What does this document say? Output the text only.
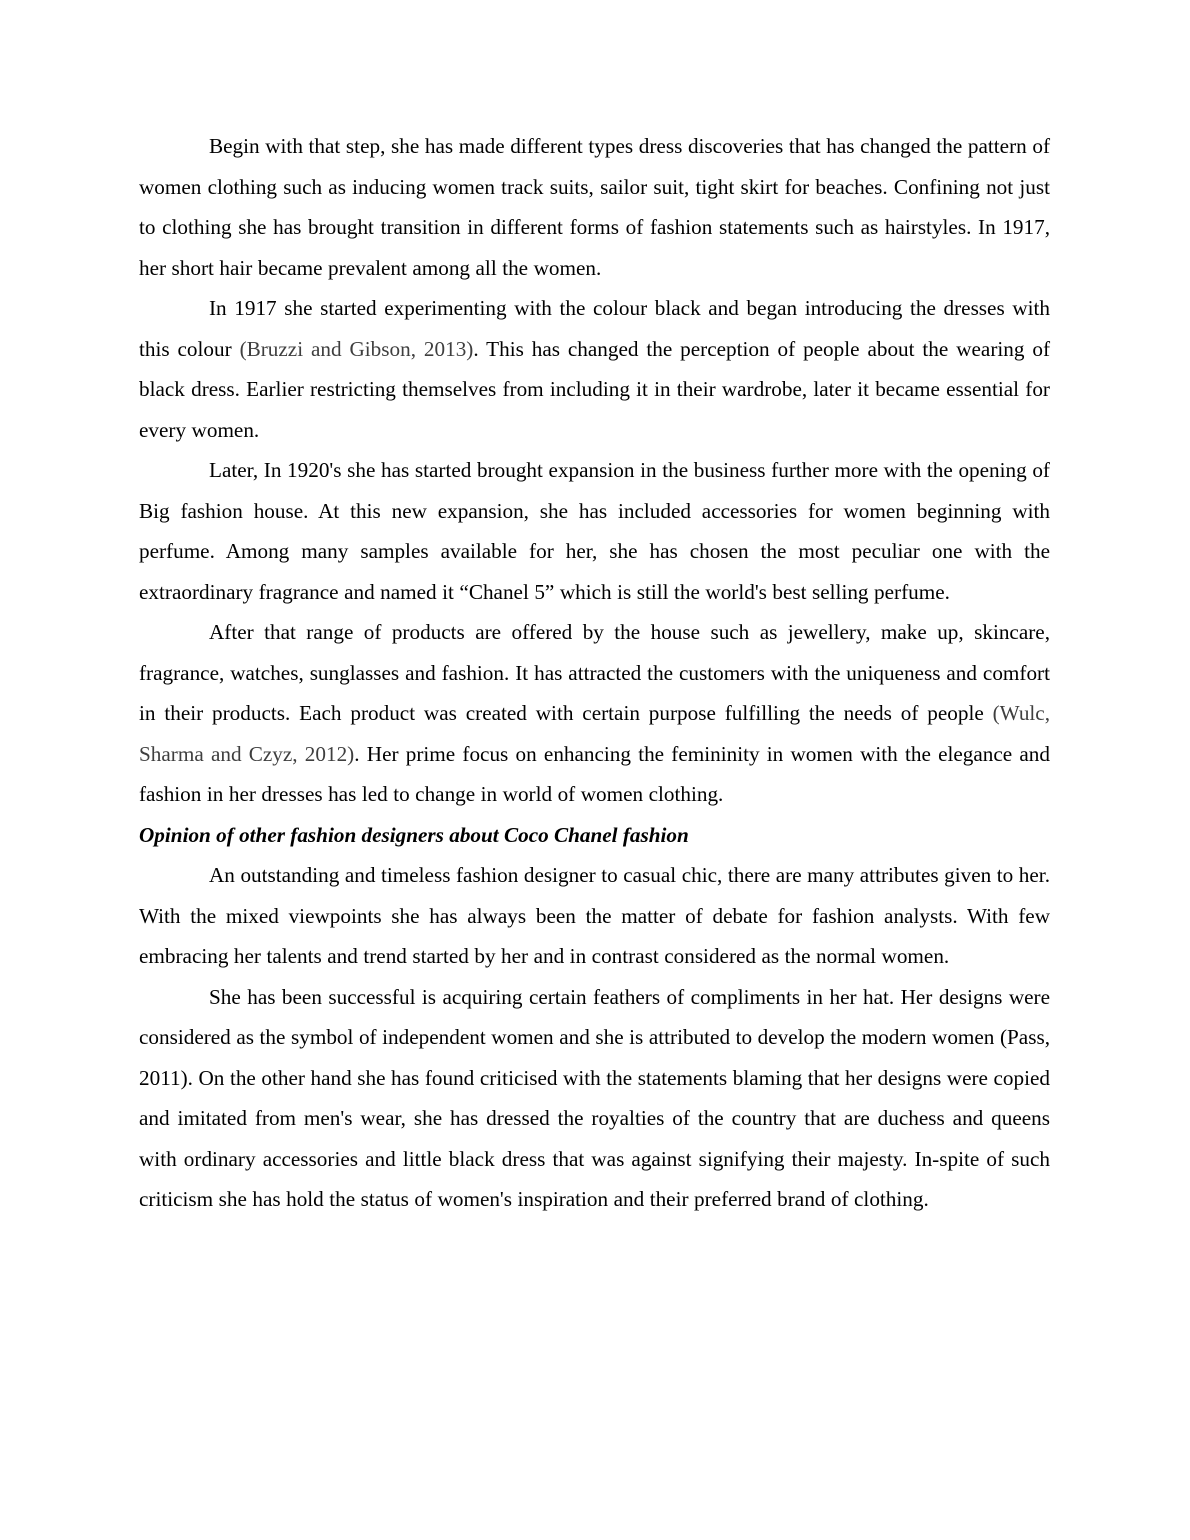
Begin with that step, she has made different types dress discoveries that has changed the pattern of women clothing such as inducing women track suits, sailor suit, tight skirt for beaches. Confining not just to clothing she has brought transition in different forms of fashion statements such as hairstyles. In 1917, her short hair became prevalent among all the women.

In 1917 she started experimenting with the colour black and began introducing the dresses with this colour (Bruzzi and Gibson, 2013). This has changed the perception of people about the wearing of black dress. Earlier restricting themselves from including it in their wardrobe, later it became essential for every women.

Later, In 1920's she has started brought expansion in the business further more with the opening of Big fashion house. At this new expansion, she has included accessories for women beginning with perfume. Among many samples available for her, she has chosen the most peculiar one with the extraordinary fragrance and named it “Chanel 5” which is still the world's best selling perfume.

After that range of products are offered by the house such as jewellery, make up, skincare, fragrance, watches, sunglasses and fashion. It has attracted the customers with the uniqueness and comfort in their products. Each product was created with certain purpose fulfilling the needs of people (Wulc, Sharma and Czyz, 2012). Her prime focus on enhancing the femininity in women with the elegance and fashion in her dresses has led to change in world of women clothing.

Opinion of other fashion designers about Coco Chanel fashion

An outstanding and timeless fashion designer to casual chic, there are many attributes given to her. With the mixed viewpoints she has always been the matter of debate for fashion analysts. With few embracing her talents and trend started by her and in contrast considered as the normal women.

She has been successful is acquiring certain feathers of compliments in her hat. Her designs were considered as the symbol of independent women and she is attributed to develop the modern women (Pass, 2011). On the other hand she has found criticised with the statements blaming that her designs were copied and imitated from men's wear, she has dressed the royalties of the country that are duchess and queens with ordinary accessories and little black dress that was against signifying their majesty. In-spite of such criticism she has hold the status of women's inspiration and their preferred brand of clothing.
